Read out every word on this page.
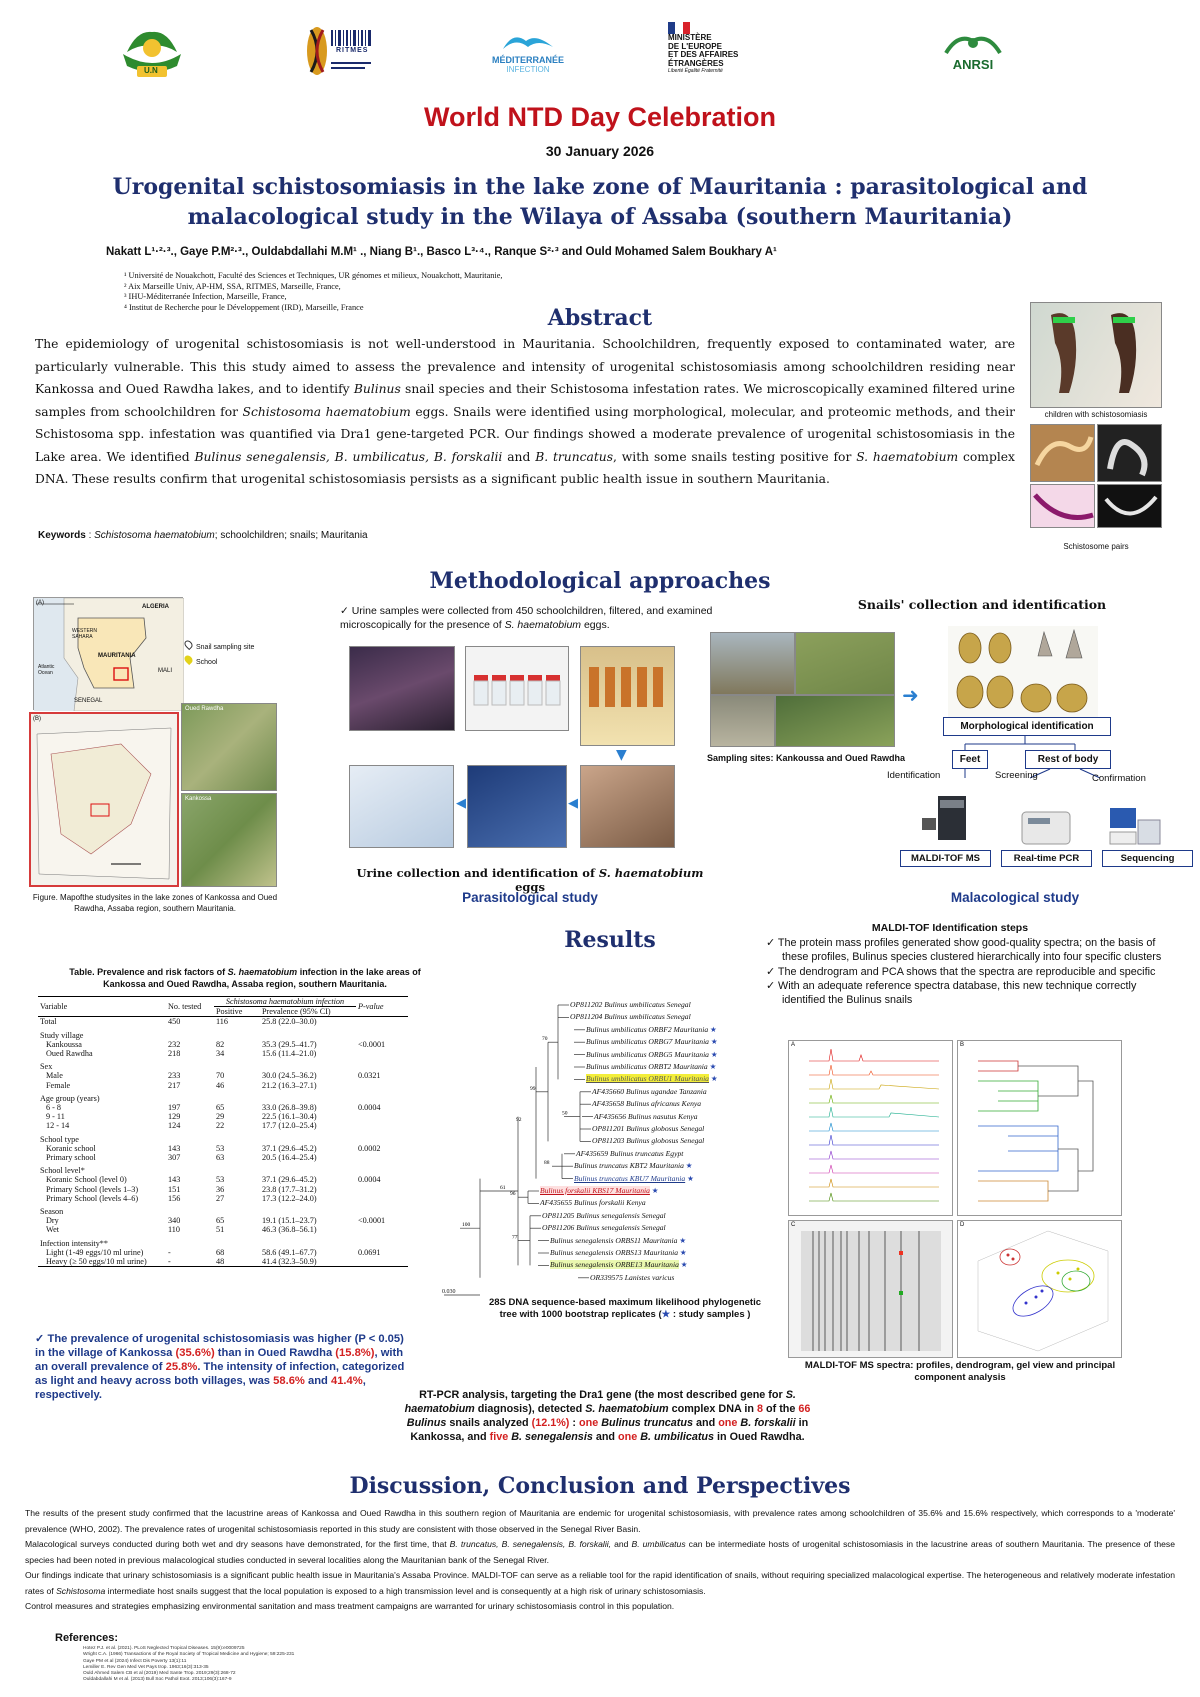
U.N
RITMES
MÉDITERRANÉE
INFECTION
MINISTÈRE
DE L'EUROPE
ET DES AFFAIRES
ÉTRANGÈRES
Liberté Égalité Fraternité	ANRSI
World NTD Day Celebration
30 January 2026
Urogenital schistosomiasis in the lake zone of Mauritania : parasitological and
malacological study in the Wilaya of Assaba (southern Mauritania)
Nakatt L¹·²·³., Gaye P.M²·³., Ouldabdallahi M.M¹ ., Niang B¹., Basco L³·⁴., Ranque S²·³ and Ould Mohamed Salem Boukhary A¹
¹ Université de Nouakchott, Faculté des Sciences et Techniques, UR génomes et milieux, Nouakchott, Mauritanie,
² Aix Marseille Univ, AP-HM, SSA, RITMES, Marseille, France,
³ IHU-Méditerranée Infection, Marseille, France,
⁴ Institut de Recherche pour le Développement (IRD), Marseille, France	Abstract
The epidemiology of urogenital schistosomiasis is not well-understood in Mauritania. Schoolchildren, frequently exposed to contaminated water, are particularly vulnerable. This this study aimed to assess the prevalence and intensity of urogenital schistosomiasis among schoolchildren residing near Kankossa and Oued Rawdha lakes, and to identify Bulinus snail species and their Schistosoma infestation rates. We microscopically examined filtered urine samples from schoolchildren for Schistosoma haematobium eggs. Snails were identified using morphological, molecular, and proteomic methods, and their Schistosoma spp. infestation was quantified via Dra1 gene-targeted PCR. Our findings showed a moderate prevalence of urogenital schistosomiasis in the Lake area. We identified Bulinus senegalensis, B. umbilicatus, B. forskalii and B. truncatus, with some snails testing positive for S. haematobium complex DNA. These results confirm that urogenital schistosomiasis persists as a significant public health issue in southern Mauritania.
Keywords : Schistosoma haematobium; schoolchildren; snails; Mauritania
children with schistosomiasis
Schistosome pairs
Methodological approaches
(A)
ALGERIA
WESTERN SAHARA
MAURITANIA
MALI
SENEGAL
Atlantic Ocean
Snail sampling site
School
(B)
Oued Rawdha
Kankossa
Figure. Mapofthe studysites in the lake zones of Kankossa and Oued Rawdha, Assaba region, southern Mauritania.
✓ Urine samples were collected from 450 schoolchildren, filtered, and examined microscopically for the presence of S. haematobium eggs.
▼
◀	◀
Urine collection and identification of S. haematobium eggs
Parasitological study
Snails' collection and identification
Sampling sites: Kankoussa and Oued Rawdha
➜
Morphological identification
Feet	Rest of body
Identification	Screening	Confirmation
MALDI-TOF MS	Real-time PCR	Sequencing
Malacological study
Results
Table. Prevalence and risk factors of S. haematobium infection in the lake areas of Kankossa and Oued Rawdha, Assaba region, southern Mauritania.
Variable	No. tested	Schistosoma haematobium infection		P-value
		Positive	Prevalence (95% CI)	
Total	450	116	25.8 (22.0–30.0)	
Study village				
Kankoussa	232	82	35.3 (29.5–41.7)	<0.0001
Oued Rawdha	218	34	15.6 (11.4–21.0)	
Sex				
Male	233	70	30.0 (24.5–36.2)	0.0321
Female	217	46	21.2 (16.3–27.1)	
Age group (years)				
6 - 8	197	65	33.0 (26.8–39.8)	0.0004
9 - 11	129	29	22.5 (16.1–30.4)	
12 - 14	124	22	17.7 (12.0–25.4)	
School type				
Koranic school	143	53	37.1 (29.6–45.2)	0.0002
Primary school	307	63	20.5 (16.4–25.4)	
School level*				
Koranic School (level 0)	143	53	37.1 (29.6–45.2)	0.0004
Primary School (levels 1–3)	151	36	23.8 (17.7–31.2)	
Primary School (levels 4–6)	156	27	17.3 (12.2–24.0)	
Season				
Dry	340	65	19.1 (15.1–23.7)	<0.0001
Wet	110	51	46.3 (36.8–56.1)	
Infection intensity**				
Light (1-49 eggs/10 ml urine)	-	68	58.6 (49.1–67.7)	0.0691
Heavy (≥ 50 eggs/10 ml urine)	-	48	41.4 (32.3–50.9)	
✓ The prevalence of urogenital schistosomiasis was higher (P < 0.05) in the village of Kankossa (35.6%) than in Oued Rawdha (15.8%), with an overall prevalence of 25.8%. The intensity of infection, categorized as light and heavy across both villages, was 58.6% and 41.4%, respectively.
70
99
92
50
88
96
77
61
100
OP811202 Bulinus umbilicatus Senegal
OP811204 Bulinus umbilicatus Senegal
Bulinus umbilicatus ORBF2 Mauritania ★
Bulinus umbilicatus ORBG7 Mauritania ★
Bulinus umbilicatus ORBG5 Mauritania ★
Bulinus umbilicatus ORBT2 Mauritania ★
Bulinus umbilicatus ORBU1 Mauritania ★
AF435660 Bulinus ugandae Tanzania
AF435658 Bulinus africanus Kenya
AF435656 Bulinus nasutus Kenya
OP811201 Bulinus globosus Senegal
OP811203 Bulinus globosus Senegal
AF435659 Bulinus truncatus Egypt
Bulinus truncatus KBT2 Mauritania ★
Bulinus truncatus KBU7 Mauritania ★
Bulinus forskalii KBS17 Mauritania ★
AF435655 Bulinus forskalii Kenya
OP811205 Bulinus senegalensis Senegal
OP811206 Bulinus senegalensis Senegal
Bulinus senegalensis ORBS11 Mauritania ★
Bulinus senegalensis ORBS13 Mauritania ★
Bulinus senegalensis ORBE13 Mauritania ★
OR339575 Lanistes varicus
0.030
28S DNA sequence-based maximum likelihood phylogenetic tree with 1000 bootstrap replicates (★ : study samples )
RT-PCR analysis, targeting the Dra1 gene (the most described gene for S. haematobium diagnosis), detected S. haematobium complex DNA in 8 of the 66 Bulinus snails analyzed (12.1%) : one Bulinus truncatus and one B. forskalii in Kankossa, and five B. senegalensis and one B. umbilicatus in Oued Rawdha.
MALDI-TOF Identification steps
✓ The protein mass profiles generated show good-quality spectra; on the basis of these profiles, Bulinus species clustered hierarchically into four specific clusters
✓ The dendrogram and PCA shows that the spectra are reproducible and specific
✓ With an adequate reference spectra database, this new technique correctly identified the Bulinus snails
A	B
C	D
MALDI-TOF MS spectra: profiles, dendrogram, gel view and principal component analysis
Discussion, Conclusion and Perspectives

The results of the present study confirmed that the lacustrine areas of Kankossa and Oued Rawdha in this southern region of Mauritania are endemic for urogenital schistosomiasis, with prevalence rates among schoolchildren of 35.6% and 15.6% respectively, which corresponds to a 'moderate' prevalence (WHO, 2002). The prevalence rates of urogenital schistosomiasis reported in this study are consistent with those observed in the Senegal River Basin.

Malacological surveys conducted during both wet and dry seasons have demonstrated, for the first time, that B. truncatus, B. senegalensis, B. forskalii, and B. umbilicatus can be intermediate hosts of urogenital schistosomiasis in the lacustrine areas of southern Mauritania. The presence of these species had been noted in previous malacological studies conducted in several localities along the Mauritanian bank of the Senegal River.

Our findings indicate that urinary schistosomiasis is a significant public health issue in Mauritania's Assaba Province. MALDI-TOF can serve as a reliable tool for the rapid identification of snails, without requiring specialized malacological expertise. The heterogeneous and relatively moderate infestation rates of Schistosoma intermediate host snails suggest that the local population is exposed to a high transmission level and is consequently at a high risk of urinary schistosomiasis.

Control measures and strategies emphasizing environmental sanitation and mass treatment campaigns are warranted for urinary schistosomiasis control in this population.

References:
Hotez P.J. et al. (2021). PLoS Neglected Tropical Diseases. 15(9):e0009725
Wright C.A. (1966) Transactions of the Royal Society of Tropical Medicine and Hygiene; 59:225-231
Gaye PM et al (2024) Infect Dis Poverty 13(1):11
Lemiller E. Rev Gen Med Vet Pays trop. 1963;16(3):313-35
Ould Ahmed Salem CB et al (2019) Med Sante Trop. 2019;29(3):268-72
Ouldabdallahi M et al. (2013) Bull Soc Pathol Exot. 2013;106(3):167-9
